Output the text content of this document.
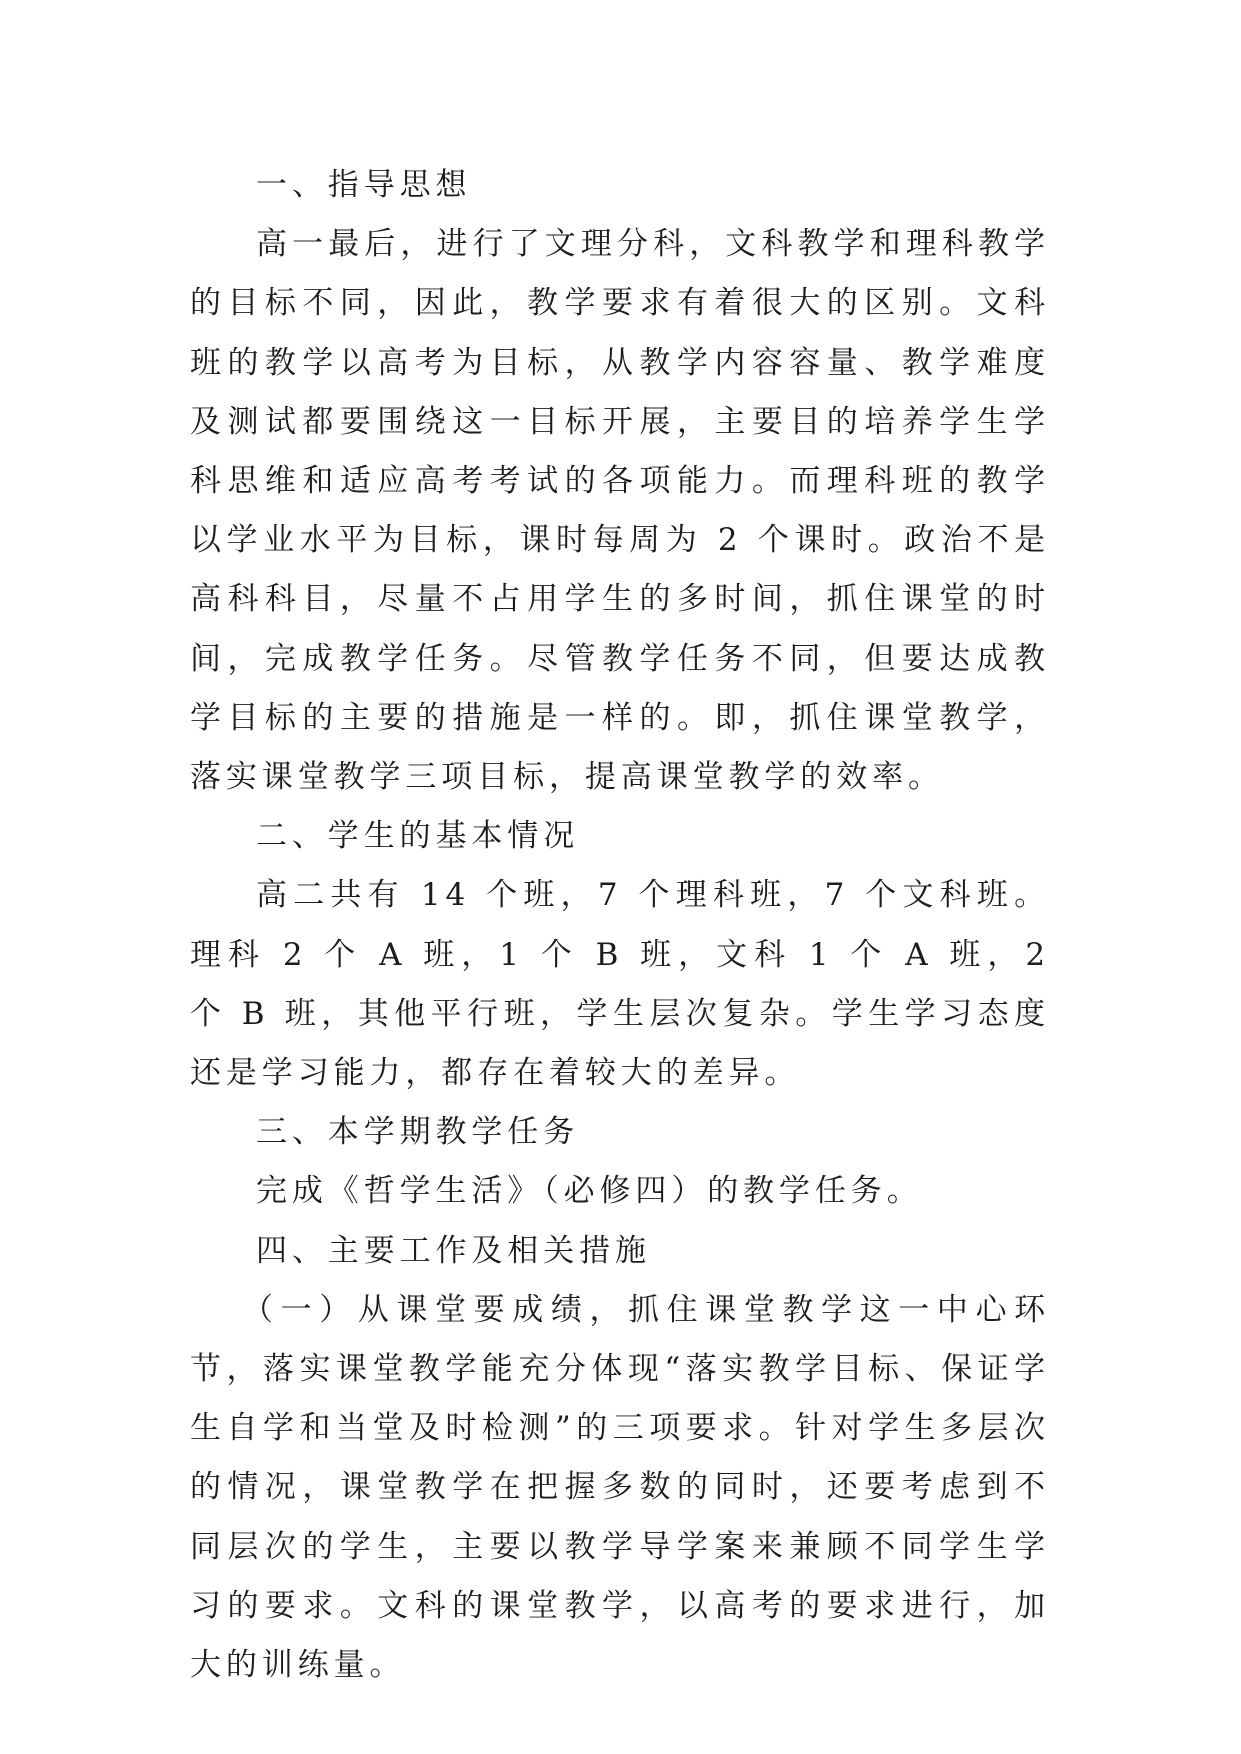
一、指导思想

高一最后，进行了文理分科，文科教学和理科教学的目标不同，因此，教学要求有着很大的区别。文科班的教学以高考为目标，从教学内容容量、教学难度及测试都要围绕这一目标开展，主要目的培养学生学科思维和适应高考考试的各项能力。而理科班的教学以学业水平为目标，课时每周为 2 个课时。政治不是高科科目，尽量不占用学生的多时间，抓住课堂的时间，完成教学任务。尽管教学任务不同，但要达成教学目标的主要的措施是一样的。即，抓住课堂教学，落实课堂教学三项目标，提高课堂教学的效率。

二、学生的基本情况

高二共有 14 个班，7 个理科班，7 个文科班。理科 2 个 A 班，1 个 B 班，文科 1 个 A 班，2 个 B 班，其他平行班，学生层次复杂。学生学习态度还是学习能力，都存在着较大的差异。

三、本学期教学任务

完成《哲学生活》（必修四）的教学任务。

四、主要工作及相关措施

（一）从课堂要成绩，抓住课堂教学这一中心环节，落实课堂教学能充分体现“落实教学目标、保证学生自学和当堂及时检测”的三项要求。针对学生多层次的情况，课堂教学在把握多数的同时，还要考虑到不同层次的学生，主要以教学导学案来兼顾不同学生学习的要求。文科的课堂教学，以高考的要求进行，加大的训练量。
